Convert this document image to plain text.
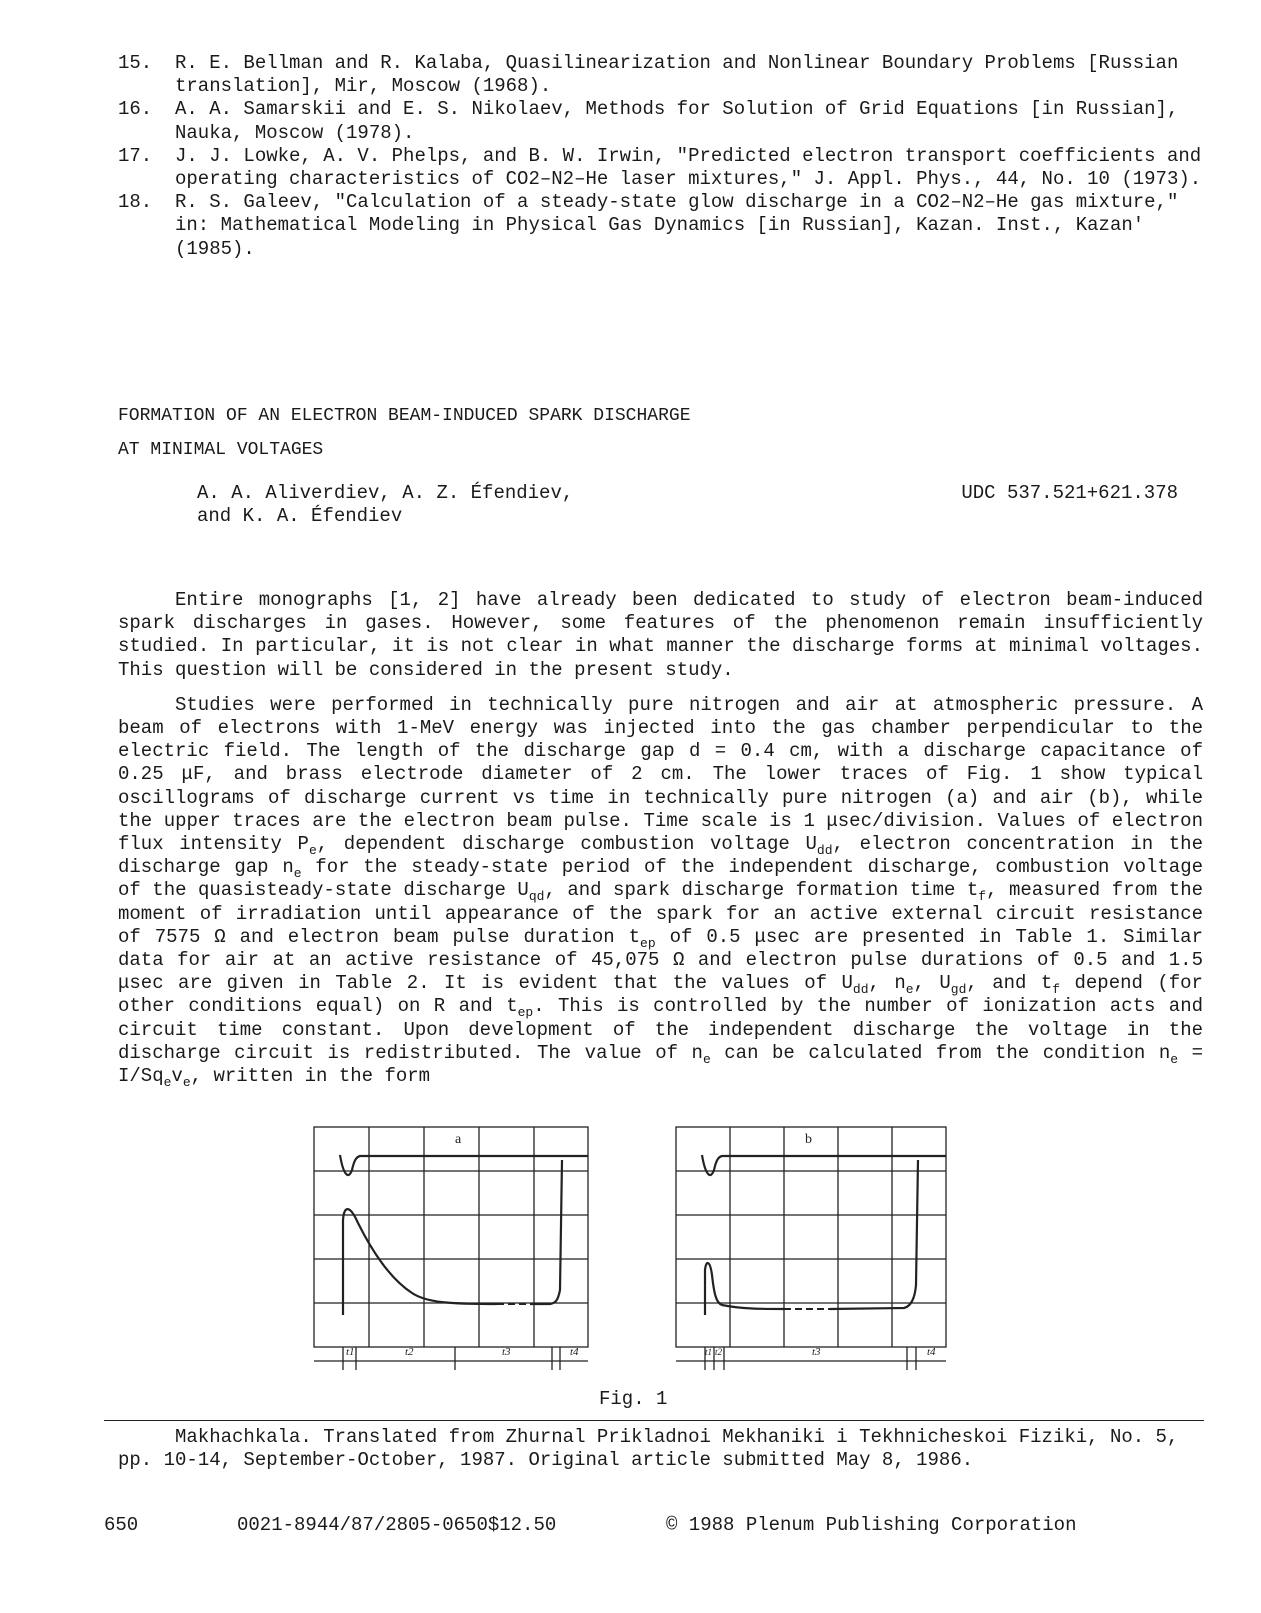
15.	R. E. Bellman and R. Kalaba, Quasilinearization and Nonlinear Boundary Problems [Russian translation], Mir, Moscow (1968).
16.	A. A. Samarskii and E. S. Nikolaev, Methods for Solution of Grid Equations [in Russian], Nauka, Moscow (1978).
17.	J. J. Lowke, A. V. Phelps, and B. W. Irwin, "Predicted electron transport coefficients and operating characteristics of CO2–N2–He laser mixtures," J. Appl. Phys., 44, No. 10 (1973).
18.	R. S. Galeev, "Calculation of a steady-state glow discharge in a CO2–N2–He gas mixture," in: Mathematical Modeling in Physical Gas Dynamics [in Russian], Kazan. Inst., Kazan' (1985).
FORMATION OF AN ELECTRON BEAM-INDUCED SPARK DISCHARGE
AT MINIMAL VOLTAGES
A. A. Aliverdiev, A. Z. Éfendiev,
and K. A. Éfendiev
UDC 537.521+621.378

Entire monographs [1, 2] have already been dedicated to study of electron beam-induced spark discharges in gases. However, some features of the phenomenon remain insufficiently studied. In particular, it is not clear in what manner the discharge forms at minimal voltages. This question will be considered in the present study.

Studies were performed in technically pure nitrogen and air at atmospheric pressure. A beam of electrons with 1-MeV energy was injected into the gas chamber perpendicular to the electric field. The length of the discharge gap d = 0.4 cm, with a discharge capacitance of 0.25 μF, and brass electrode diameter of 2 cm. The lower traces of Fig. 1 show typical oscillograms of discharge current vs time in technically pure nitrogen (a) and air (b), while the upper traces are the electron beam pulse. Time scale is 1 μsec/division. Values of electron flux intensity $P_e$, dependent discharge combustion voltage $U_{dd}$, electron concentration in the discharge gap $n_e$ for the steady-state period of the independent discharge, combustion voltage of the quasisteady-state discharge $U_{qd}$, and spark discharge formation time $t_f$, measured from the moment of irradiation until appearance of the spark for an active external circuit resistance of 7575 Ω and electron beam pulse duration $t_{ep}$ of 0.5 μsec are presented in Table 1. Similar data for air at an active resistance of 45,075 Ω and electron pulse durations of 0.5 and 1.5 μsec are given in Table 2. It is evident that the values of $U_{dd}$, $n_e$, $U_{gd}$, and $t_f$ depend (for other conditions equal) on R and $t_{ep}$. This is controlled by the number of ionization acts and circuit time constant. Upon development of the independent discharge the voltage in the discharge circuit is redistributed. The value of $n_e$ can be calculated from the condition $n_e = I/Sq_ev_e$, written in the form

a
t1	t2	t3	t4
b
t1 t2	t3	t4
Fig. 1

Makhachkala. Translated from Zhurnal Prikladnoi Mekhaniki i Tekhnicheskoi Fiziki, No. 5, pp. 10-14, September-October, 1987. Original article submitted May 8, 1986.

650	0021-8944/87/2805-0650$12.50	© 1988 Plenum Publishing Corporation
